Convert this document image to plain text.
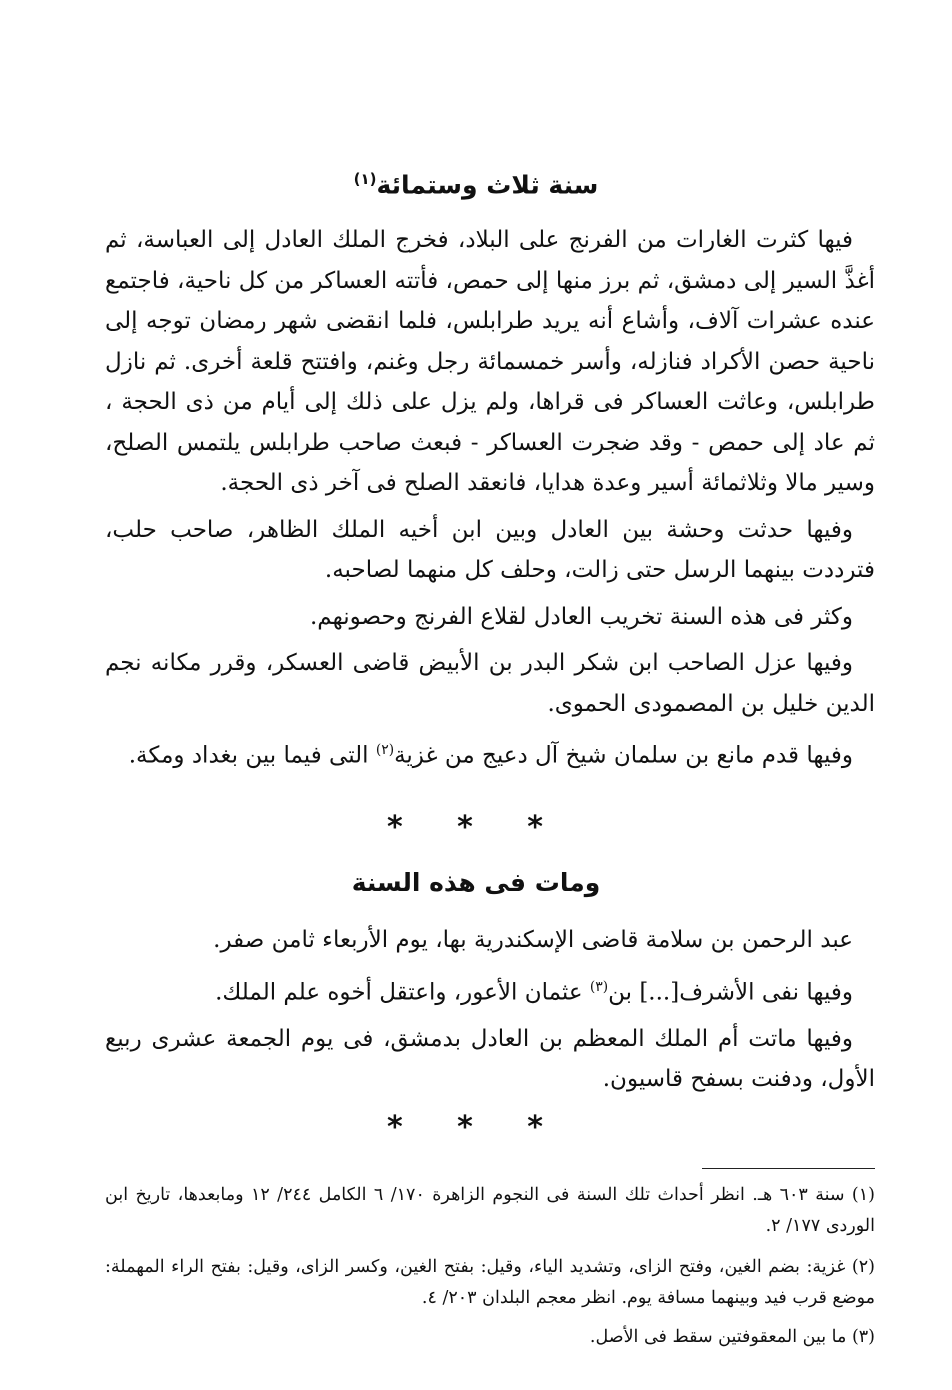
سنة ثلاث وستمائة$^{(١)}$

فيها كثرت الغارات من الفرنج على البلاد، فخرج الملك العادل إلى العباسة، ثم أغذَّ السير إلى دمشق، ثم برز منها إلى حمص، فأتته العساكر من كل ناحية، فاجتمع عنده عشرات آلاف، وأشاع أنه يريد طرابلس، فلما انقضى شهر رمضان توجه إلى ناحية حصن الأكراد فنازله، وأسر خمسمائة رجل وغنم، وافتتح قلعة أخرى. ثم نازل طرابلس، وعاثت العساكر فى قراها، ولم يزل على ذلك إلى أيام من ذى الحجة ، ثم عاد إلى حمص - وقد ضجرت العساكر - فبعث صاحب طرابلس يلتمس الصلح، وسير مالا وثلاثمائة أسير وعدة هدايا، فانعقد الصلح فى آخر ذى الحجة.

وفيها حدثت وحشة بين العادل وبين ابن أخيه الملك الظاهر، صاحب حلب، فترددت بينهما الرسل حتى زالت، وحلف كل منهما لصاحبه.

وكثر فى هذه السنة تخريب العادل لقلاع الفرنج وحصونهم.

وفيها عزل الصاحب ابن شكر البدر بن الأبيض قاضى العسكر، وقرر مكانه نجم الدين خليل بن المصمودى الحموى.

وفيها قدم مانع بن سلمان شيخ آل دعيج من غزية$^{(٢)}$ التى فيما بين بغداد ومكة.

* * *
ومات فى هذه السنة

عبد الرحمن بن سلامة قاضى الإسكندرية بها، يوم الأربعاء ثامن صفر.

وفيها نفى الأشرف[...] بن$^{(٣)}$ عثمان الأعور، واعتقل أخوه علم الملك.

وفيها ماتت أم الملك المعظم بن العادل بدمشق، فى يوم الجمعة عشرى ربيع الأول، ودفنت بسفح قاسيون.

* * *

(١) سنة ٦٠٣ هـ. انظر أحداث تلك السنة فى النجوم الزاهرة ١٧٠/ ٦ الكامل ٢٤٤/ ١٢ ومابعدها، تاريخ ابن الوردى ١٧٧/ ٢.

(٢) غزية: بضم الغين، وفتح الزاى، وتشديد الياء، وقيل: بفتح الغين، وكسر الزاى، وقيل: بفتح الراء المهملة: موضع قرب فيد وبينهما مسافة يوم. انظر معجم البلدان ٢٠٣/ ٤.

(٣) ما بين المعقوفتين سقط فى الأصل.
